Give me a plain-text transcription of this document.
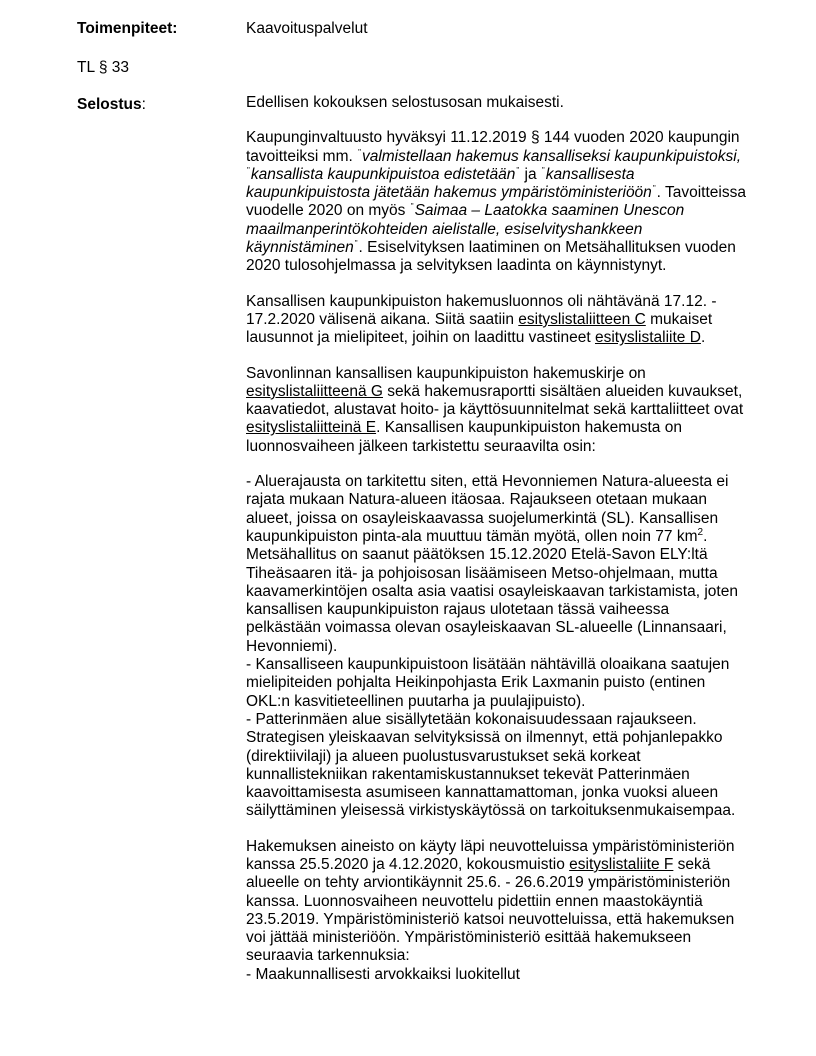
Toimenpiteet:	Kaavoituspalvelut
TL § 33
Selostus:	Edellisen kokouksen selostusosan mukaisesti.

Kaupunginvaltuusto hyväksyi 11.12.2019 § 144 vuoden 2020 kaupungin tavoitteiksi mm. "valmistellaan hakemus kansalliseksi kaupunkipuistoksi, "kansallista kaupunkipuistoa edistetään" ja "kansallisesta kaupunkipuistosta jätetään hakemus ympäristöministeriöön". Tavoitteissa vuodelle 2020 on myös "Saimaa – Laatokka saaminen Unescon maailmanperintökohteiden aielistalle, esiselvityshankkeen käynnistäminen". Esiselvityksen laatiminen on Metsähallituksen vuoden 2020 tulosohjelmassa ja selvityksen laadinta on käynnistynyt.

Kansallisen kaupunkipuiston hakemusluonnos oli nähtävänä 17.12. - 17.2.2020 välisenä aikana. Siitä saatiin esityslistaliitteen C mukaiset lausunnot ja mielipiteet, joihin on laadittu vastineet esityslistaliite D.

Savonlinnan kansallisen kaupunkipuiston hakemuskirje on esityslistaliitteenä G sekä hakemusraportti sisältäen alueiden kuvaukset, kaavatiedot, alustavat hoito- ja käyttösuunnitelmat sekä karttaliitteet ovat esityslistaliitteinä E. Kansallisen kaupunkipuiston hakemusta on luonnosvaiheen jälkeen tarkistettu seuraavilta osin:

- Aluerajausta on tarkitettu siten, että Hevonniemen Natura-alueesta ei rajata mukaan Natura-alueen itäosaa. Rajaukseen otetaan mukaan alueet, joissa on osayleiskaavassa suojelumerkintä (SL). Kansallisen kaupunkipuiston pinta-ala muuttuu tämän myötä, ollen noin 77 $km^2$. Metsähallitus on saanut päätöksen 15.12.2020 Etelä-Savon ELY:ltä Tiheäsaaren itä- ja pohjoisosan lisäämiseen Metso-ohjelmaan, mutta kaavamerkintöjen osalta asia vaatisi osayleiskaavan tarkistamista, joten kansallisen kaupunkipuiston rajaus ulotetaan tässä vaiheessa pelkästään voimassa olevan osayleiskaavan SL-alueelle (Linnansaari, Hevonniemi).
- Kansalliseen kaupunkipuistoon lisätään nähtävillä oloaikana saatujen mielipiteiden pohjalta Heikinpohjasta Erik Laxmanin puisto (entinen OKL:n kasvitieteellinen puutarha ja puulajipuisto).
- Patterinmäen alue sisällytetään kokonaisuudessaan rajaukseen. Strategisen yleiskaavan selvityksissä on ilmennyt, että pohjanlepakko (direktiivilaji) ja alueen puolustusvarustukset sekä korkeat kunnallistekniikan rakentamiskustannukset tekevät Patterinmäen kaavoittamisesta asumiseen kannattamattoman, jonka vuoksi alueen säilyttäminen yleisessä virkistyskäytössä on tarkoituksenmukaisempaa.

Hakemuksen aineisto on käyty läpi neuvotteluissa ympäristöministeriön kanssa 25.5.2020 ja 4.12.2020, kokousmuistio esityslistaliite F sekä alueelle on tehty arviontikäynnit 25.6. - 26.6.2019 ympäristöministeriön kanssa. Luonnosvaiheen neuvottelu pidettiin ennen maastokäyntiä 23.5.2019. Ympäristöministeriö katsoi neuvotteluissa, että hakemuksen voi jättää ministeriöön. Ympäristöministeriö esittää hakemukseen seuraavia tarkennuksia:
- Maakunnallisesti arvokkaiksi luokitellut
